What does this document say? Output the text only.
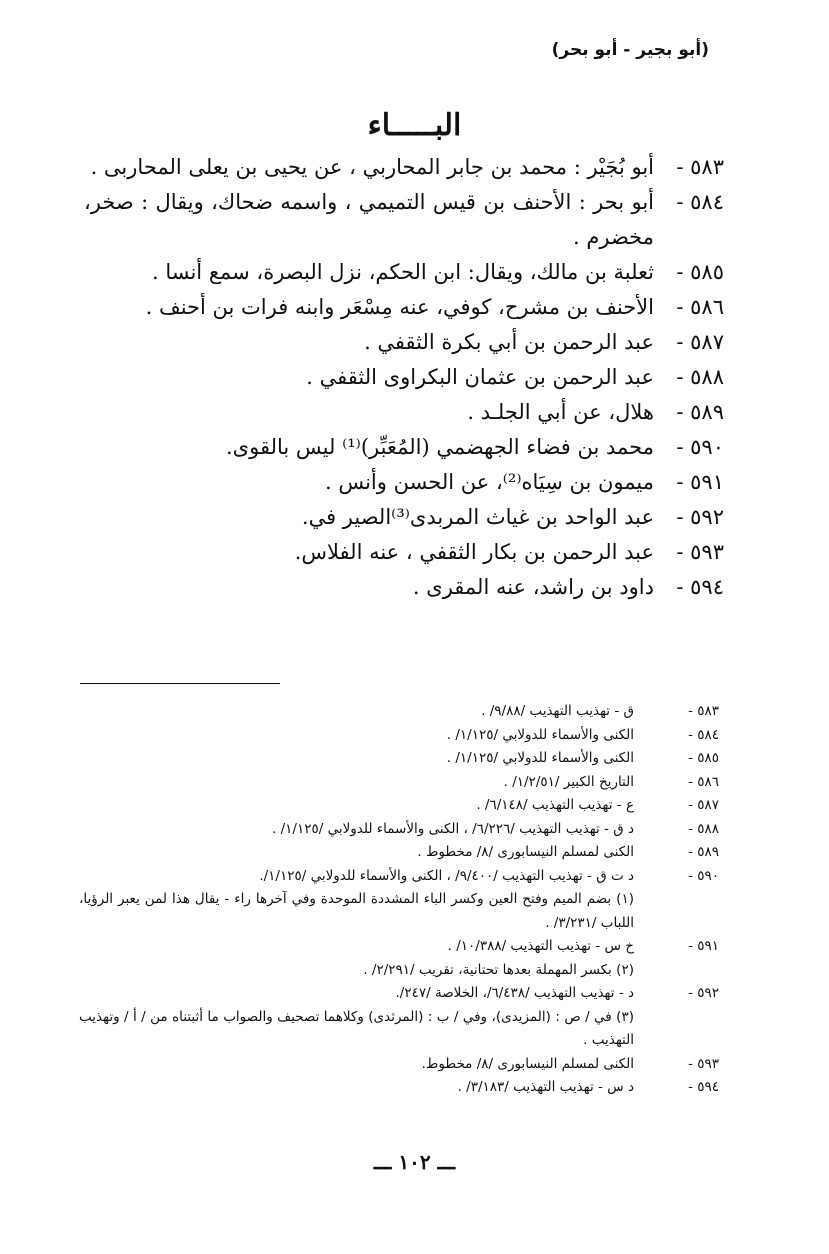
(أبو بجير - أبو بحر)
البـــــاء
٥٨٣ -
أبو بُجَيْر : محمد بن جابر المحاربي ، عن يحيى بن يعلى المحاربى .
٥٨٤ -
أبو بحر : الأحنف بن قيس التميمي ، واسمه ضحاك، ويقال : صخر، مخضرم .
٥٨٥ -
ثعلبة بن مالك، ويقال: ابن الحكم، نزل البصرة، سمع أنسا .
٥٨٦ -
الأحنف بن مشرح، كوفي، عنه مِسْعَر وابنه فرات بن أحنف .
٥٨٧ -
عبد الرحمن بن أبي بكرة الثقفي .
٥٨٨ -
عبد الرحمن بن عثمان البكراوى الثقفي .
٥٨٩ -
هلال، عن أبي الجلـد .
٥٩٠ -
محمد بن فضاء الجهضمي (المُعَبِّر)⁽¹⁾ ليس بالقوى.
٥٩١ -
ميمون بن سِيَاه⁽²⁾، عن الحسن وأنس .
٥٩٢ -
عبد الواحد بن غياث المربدى⁽³⁾الصير في.
٥٩٣ -
عبد الرحمن بن بكار الثقفي ، عنه الفلاس.
٥٩٤ -
داود بن راشد، عنه المقرى .
٥٨٣ -
ق - تهذيب التهذيب /٩/٨٨/ .
٥٨٤ -
الكنى والأسماء للدولابي /١/١٢٥/ .
٥٨٥ -
الكنى والأسماء للدولابي /١/١٢٥/ .
٥٨٦ -
التاريخ الكبير /١/٢/٥١/ .
٥٨٧ -
ع - تهذيب التهذيب /٦/١٤٨/ .
٥٨٨ -
د ق - تهذيب التهذيب /٦/٢٢٦/ ، الكنى والأسماء للدولابي /١/١٢٥/ .
٥٨٩ -
الكنى لمسلم النيسابورى /٨/ مخطوط .
٥٩٠ -
د ت ق - تهذيب التهذيب /٩/٤٠٠/ ، الكنى والأسماء للدولابي /١/١٢٥/.
(١) بضم الميم وفتح العين وكسر الباء المشددة الموحدة وفي آخرها راء - يقال هذا لمن يعبر الرؤيا، اللباب /٣/٢٣١/ .
٥٩١ -
خ س - تهذيب التهذيب /١٠/٣٨٨/ .
(٢) بكسر المهملة بعدها تحتانية، تقريب /٢/٢٩١/ .
٥٩٢ -
د - تهذيب التهذيب /٦/٤٣٨/، الخلاصة /٢٤٧/.
(٣) في / ص : (المزيدى)، وفي / ب : (المرثدى) وكلاهما تصحيف والصواب ما أثبتناه من / أ / وتهذيب التهذيب .
٥٩٣ -
الكنى لمسلم النيسابورى /٨/ مخطوط.
٥٩٤ -
د س - تهذيب التهذيب /٣/١٨٣/ .
ـــ ١٠٢ ـــ
